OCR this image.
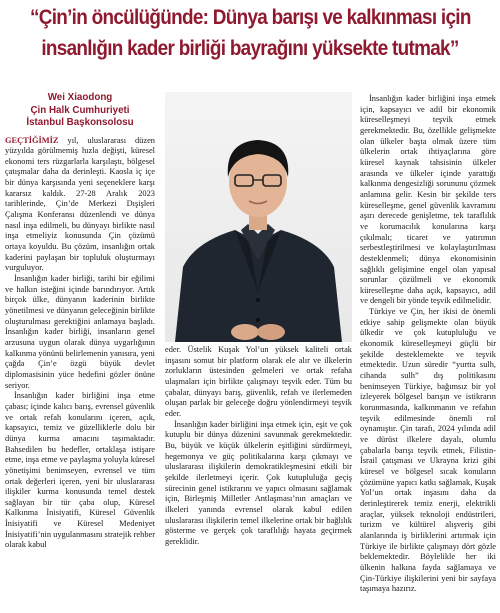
“Çin’in öncülüğünde: Dünya barışı ve kalkınması için
insanlığın kader birliği bayrağını yüksekte tutmak”
Wei Xiaodong
Çin Halk Cumhuriyeti
İstanbul Başkonsolosu

GEÇTİĞİMİZ yıl, uluslararası düzen yüzyılda görülmemiş hızla değişti, küresel ekonomi ters rüzgarlarla karşılaştı, bölgesel çatışmalar daha da derinleşti. Kaosla iç içe bir dünya karşısında yeni seçeneklere karşı kararsız kaldık. 27-28 Aralık 2023 tarihlerinde, Çin’de Merkezi Dışişleri Çalışma Konferansı düzenlendi ve dünya nasıl inşa edilmeli, bu dünyayı birlikte nasıl inşa etmeliyiz konusunda Çin çözümü ortaya koyuldu. Bu çözüm, insanlığın ortak kaderini paylaşan bir topluluk oluşturmayı vurguluyor.

İnsanlığın kader birliği, tarihi bir eğilimi ve halkın isteğini içinde barındırıyor. Artık birçok ülke, dünyanın kaderinin birlikte yönetilmesi ve dünyanın geleceğinin birlikte oluşturulması gerektiğini anlamaya başladı. İnsanlığın kader birliği, insanların genel arzusuna uygun olarak dünya uygarlığının kalkınma yönünü belirlemenin yanısıra, yeni çağda Çin’e özgü büyük devlet diplomasisinin yüce hedefini gözler önüne seriyor.

İnsanlığın kader birliğini inşa etme çabası; içinde kalıcı barış, evrensel güvenlik ve ortak refah konularını içeren, açık, kapsayıcı, temiz ve güzelliklerle dolu bir dünya kurma amacını taşımaktadır. Bahsedilen bu hedefler, ortaklaşa istişare etme, inşa etme ve paylaşma yoluyla küresel yönetişimi benimseyen, evrensel ve tüm ortak değerleri içeren, yeni bir uluslararası ilişkiler kurma konusunda temel destek sağlayan bir tür çaba olup, Küresel Kalkınma İnisiyatifi, Küresel Güvenlik İnisiyatifi ve Küresel Medeniyet İnisiyatifi’nin uygulanmasını stratejik rehber olarak kabul

eder. Üstelik Kuşak Yol’un yüksek kaliteli ortak inşasını somut bir platform olarak ele alır ve ilkelerin zorlukların üstesinden gelmeleri ve ortak refaha ulaşmaları için birlikte çalışmayı teşvik eder. Tüm bu çabalar, dünyayı barış, güvenlik, refah ve ilerlemeden oluşan parlak bir geleceğe doğru yönlendirmeyi teşvik eder.

İnsanlığın kader birliğini inşa etmek için, eşit ve çok kutuplu bir dünya düzenini savunmak gerekmektedir. Bu, büyük ve küçük ülkelerin eşitliğini sürdürmeyi, hegemonya ve güç politikalarına karşı çıkmayı ve uluslararası ilişkilerin demokratikleşmesini etkili bir şekilde ilerletmeyi içerir. Çok kutupluluğa geçiş sürecinin genel istikrarını ve yapıcı olmasını sağlamak için, Birleşmiş Milletler Antlaşması’nın amaçları ve ilkeleri yanında evrensel olarak kabul edilen uluslararası ilişkilerin temel ilkelerine ortak bir bağlılık gösterme ve gerçek çok taraflılığı hayata geçirmek gereklidir.

İnsanlığın kader birliğini inşa etmek için, kapsayıcı ve adil bir ekonomik küreselleşmeyi teşvik etmek gerekmektedir. Bu, özellikle gelişmekte olan ülkeler başta olmak üzere tüm ülkelerin ortak ihtiyaçlarına göre küresel kaynak tahsisinin ülkeler arasında ve ülkeler içinde yarattığı kalkınma dengesizliği sorununu çözmek anlamına gelir. Kesin bir şekilde ters küreselleşme, genel güvenlik kavramını aşırı derecede genişletme, tek taraflılık ve korumacılık konularına karşı çıkılmalı; ticaret ve yatırımın serbestleştirilmesi ve kolaylaştırılması desteklenmeli; dünya ekonomisinin sağlıklı gelişimine engel olan yapısal sorunlar çözülmeli ve ekonomik küreselleşme daha açık, kapsayıcı, adil ve dengeli bir yönde teşvik edilmelidir.

Türkiye ve Çin, her ikisi de önemli etkiye sahip gelişmekte olan büyük ülkedir ve çok kutupluluğu ve ekonomik küreselleşmeyi güçlü bir şekilde desteklemekte ve teşvik etmektedir. Uzun süredir “yurtta sulh, cihanda sulh” dış politikasını benimseyen Türkiye, bağımsız bir yol izleyerek bölgesel barışın ve istikrarın korunmasında, kalkınmanın ve refahın teşvik edilmesinde önemli rol oynamıştır. Çin tarafı, 2024 yılında adil ve dürüst ilkelere dayalı, olumlu çabalarla barışı teşvik etmek, Filistin-İsrail çatışması ve Ukrayna krizi gibi küresel ve bölgesel sıcak konuların çözümüne yapıcı katkı sağlamak, Kuşak Yol’un ortak inşasını daha da derinleştirerek temiz enerji, elektrikli araçlar, yüksek teknoloji endüstrileri, turizm ve kültürel alışveriş gibi alanlarında iş birliklerini artırmak için Türkiye ile birlikte çalışmayı dört gözle beklemektedir. Böylelikle her iki ülkenin halkına fayda sağlamaya ve Çin-Türkiye ilişkilerini yeni bir sayfaya taşımaya hazırız.
